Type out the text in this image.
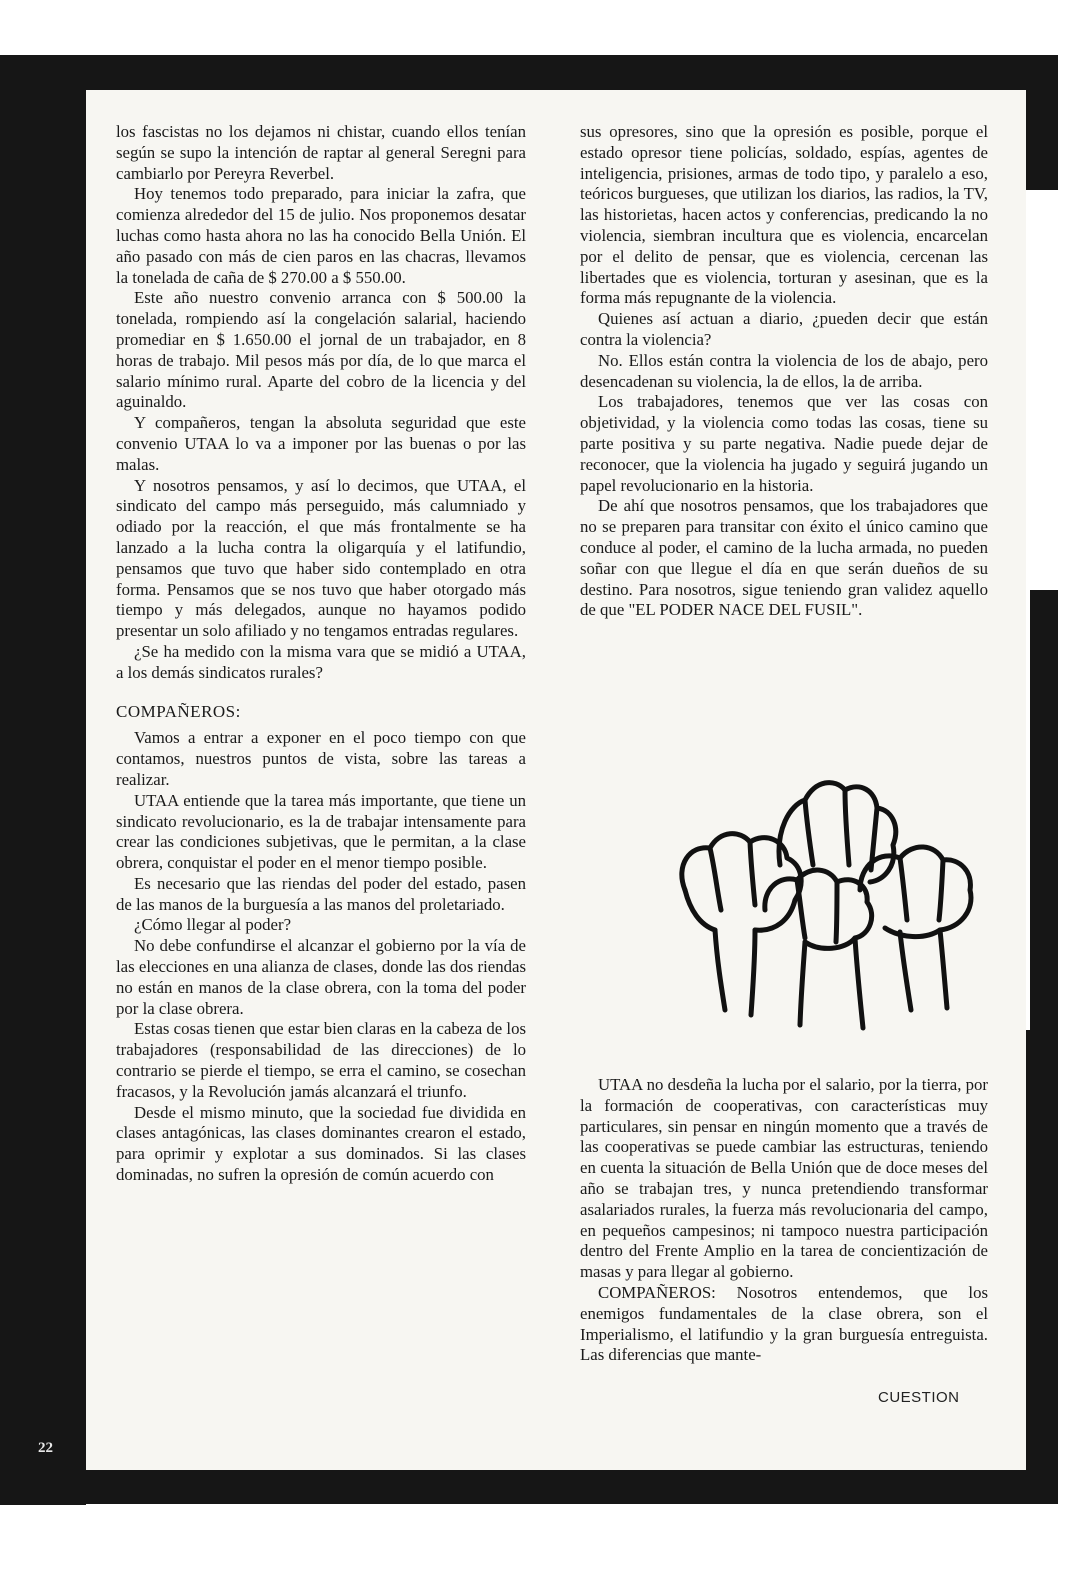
los fascistas no los dejamos ni chistar, cuando ellos tenían según se supo la intención de raptar al general Seregni para cambiarlo por Pereyra Reverbel.

Hoy tenemos todo preparado, para iniciar la zafra, que comienza alrededor del 15 de julio. Nos proponemos desatar luchas como hasta ahora no las ha conocido Bella Unión. El año pasado con más de cien paros en las chacras, llevamos la tonelada de caña de $ 270.00 a $ 550.00.

Este año nuestro convenio arranca con $ 500.00 la tonelada, rompiendo así la congelación salarial, haciendo promediar en $ 1.650.00 el jornal de un trabajador, en 8 horas de trabajo. Mil pesos más por día, de lo que marca el salario mínimo rural. Aparte del cobro de la licencia y del aguinaldo.

Y compañeros, tengan la absoluta seguridad que este convenio UTAA lo va a imponer por las buenas o por las malas.

Y nosotros pensamos, y así lo decimos, que UTAA, el sindicato del campo más perseguido, más calumniado y odiado por la reacción, el que más frontalmente se ha lanzado a la lucha contra la oligarquía y el latifundio, pensamos que tuvo que haber sido contemplado en otra forma. Pensamos que se nos tuvo que haber otorgado más tiempo y más delegados, aunque no hayamos podido presentar un solo afiliado y no tengamos entradas regulares.

¿Se ha medido con la misma vara que se midió a UTAA, a los demás sindicatos rurales?

COMPAÑEROS:

Vamos a entrar a exponer en el poco tiempo con que contamos, nuestros puntos de vista, sobre las tareas a realizar.

UTAA entiende que la tarea más importante, que tiene un sindicato revolucionario, es la de trabajar intensamente para crear las condiciones subjetivas, que le permitan, a la clase obrera, conquistar el poder en el menor tiempo posible.

Es necesario que las riendas del poder del estado, pasen de las manos de la burguesía a las manos del proletariado.

¿Cómo llegar al poder?

No debe confundirse el alcanzar el gobierno por la vía de las elecciones en una alianza de clases, donde las dos riendas no están en manos de la clase obrera, con la toma del poder por la clase obrera.

Estas cosas tienen que estar bien claras en la cabeza de los trabajadores (responsabilidad de las direcciones) de lo contrario se pierde el tiempo, se erra el camino, se cosechan fracasos, y la Revolución jamás alcanzará el triunfo.

Desde el mismo minuto, que la sociedad fue dividida en clases antagónicas, las clases dominantes crearon el estado, para oprimir y explotar a sus dominados. Si las clases dominadas, no sufren la opresión de común acuerdo con

sus opresores, sino que la opresión es posible, porque el estado opresor tiene policías, soldado, espías, agentes de inteligencia, prisiones, armas de todo tipo, y paralelo a eso, teóricos burgueses, que utilizan los diarios, las radios, la TV, las historietas, hacen actos y conferencias, predicando la no violencia, siembran incultura que es violencia, encarcelan por el delito de pensar, que es violencia, cercenan las libertades que es violencia, torturan y asesinan, que es la forma más repugnante de la violencia.

Quienes así actuan a diario, ¿pueden decir que están contra la violencia?

No. Ellos están contra la violencia de los de abajo, pero desencadenan su violencia, la de ellos, la de arriba.

Los trabajadores, tenemos que ver las cosas con objetividad, y la violencia como todas las cosas, tiene su parte positiva y su parte negativa. Nadie puede dejar de reconocer, que la violencia ha jugado y seguirá jugando un papel revolucionario en la historia.

De ahí que nosotros pensamos, que los trabajadores que no se preparen para transitar con éxito el único camino que conduce al poder, el camino de la lucha armada, no pueden soñar con que llegue el día en que serán dueños de su destino. Para nosotros, sigue teniendo gran validez aquello de que "EL PODER NACE DEL FUSIL".

UTAA no desdeña la lucha por el salario, por la tierra, por la formación de cooperativas, con características muy particulares, sin pensar en ningún momento que a través de las cooperativas se puede cambiar las estructuras, teniendo en cuenta la situación de Bella Unión que de doce meses del año se trabajan tres, y nunca pretendiendo transformar asalariados rurales, la fuerza más revolucionaria del campo, en pequeños campesinos; ni tampoco nuestra participación dentro del Frente Amplio en la tarea de concientización de masas y para llegar al gobierno.

COMPAÑEROS: Nosotros entendemos, que los enemigos fundamentales de la clase obrera, son el Imperialismo, el latifundio y la gran burguesía entreguista. Las diferencias que mante-

CUESTION
22
